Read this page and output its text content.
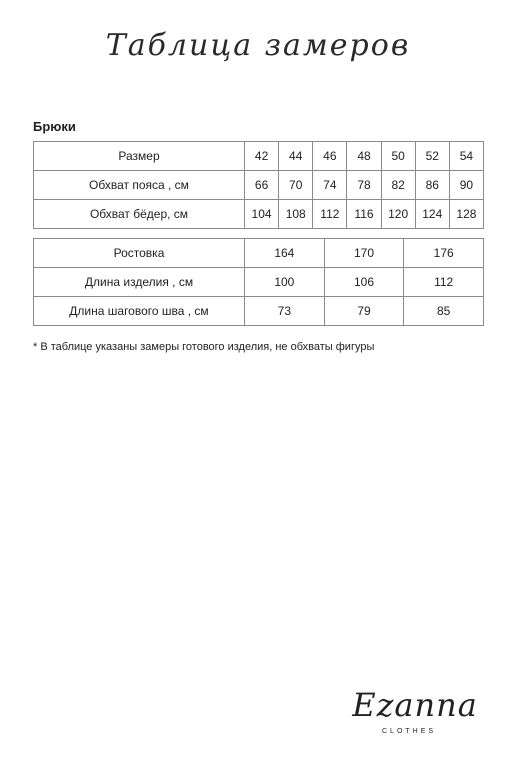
Таблица замеров
Брюки
Размер	42	44	46	48	50	52	54
Обхват пояса , см	66	70	74	78	82	86	90
Обхват бёдер, см	104	108	112	116	120	124	128
Ростовка	164	170	176
Длина изделия , см	100	106	112
Длина шагового шва , см	73	79	85
* В таблице указаны замеры готового изделия, не обхваты фигуры
Ezanna
CLOTHES
